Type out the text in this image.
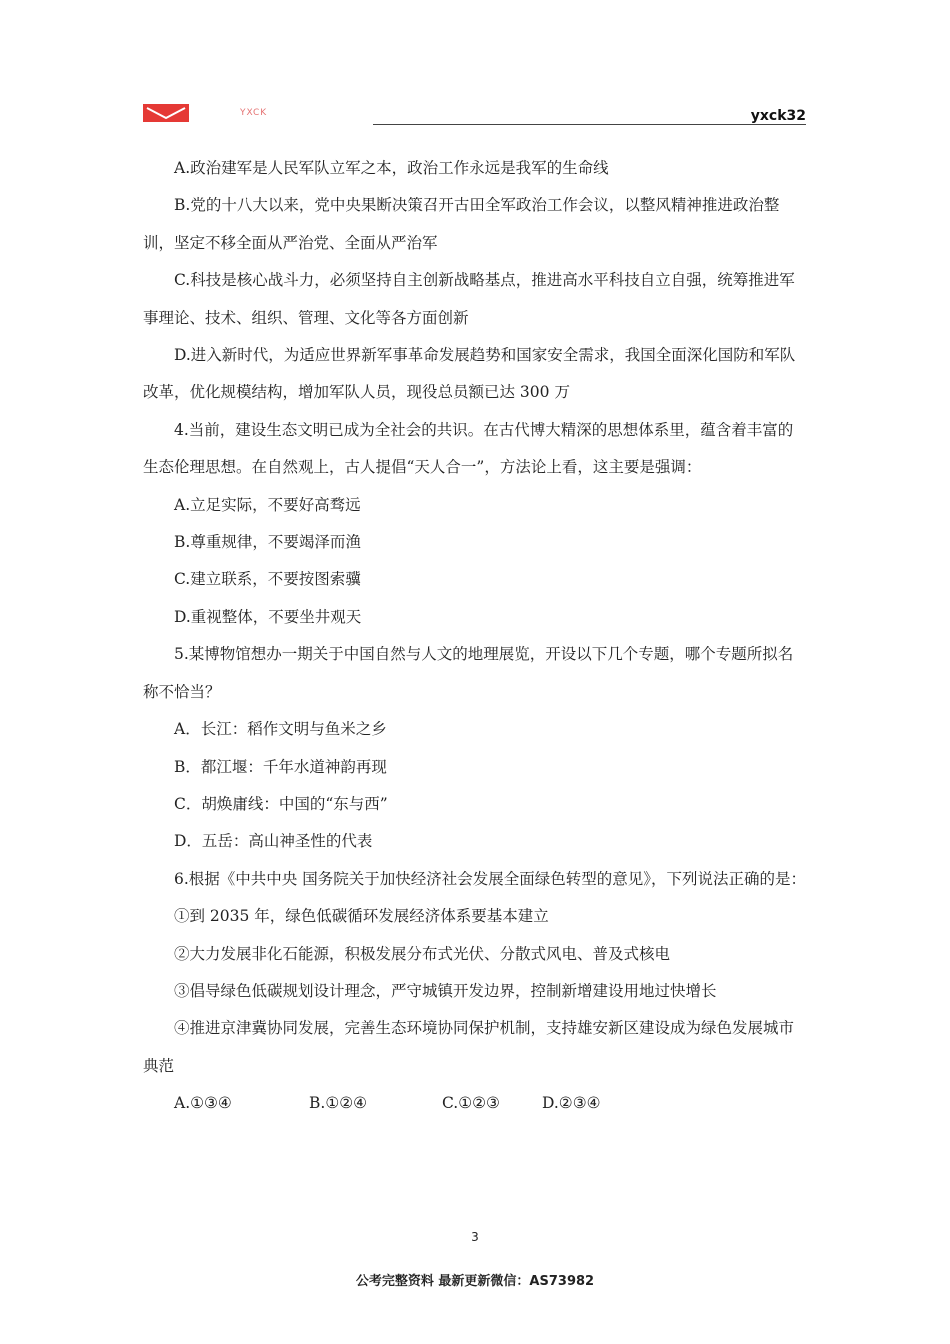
YXCK	yxck32

A.政治建军是人民军队立军之本，政治工作永远是我军的生命线

B.党的十八大以来，党中央果断决策召开古田全军政治工作会议，以整风精神推进政治整训，坚定不移全面从严治党、全面从严治军

C.科技是核心战斗力，必须坚持自主创新战略基点，推进高水平科技自立自强，统筹推进军事理论、技术、组织、管理、文化等各方面创新

D.进入新时代，为适应世界新军事革命发展趋势和国家安全需求，我国全面深化国防和军队改革，优化规模结构，增加军队人员，现役总员额已达 300 万

4.当前，建设生态文明已成为全社会的共识。在古代博大精深的思想体系里，蕴含着丰富的生态伦理思想。在自然观上，古人提倡“天人合一”，方法论上看，这主要是强调：

A.立足实际，不要好高骛远

B.尊重规律，不要竭泽而渔

C.建立联系，不要按图索骥

D.重视整体，不要坐井观天

5.某博物馆想办一期关于中国自然与人文的地理展览，开设以下几个专题，哪个专题所拟名称不恰当？

A．长江：稻作文明与鱼米之乡

B．都江堰：千年水道神韵再现

C．胡焕庸线：中国的“东与西”

D．五岳：高山神圣性的代表

6.根据《中共中央 国务院关于加快经济社会发展全面绿色转型的意见》，下列说法正确的是：

①到 2035 年，绿色低碳循环发展经济体系要基本建立

②大力发展非化石能源，积极发展分布式光伏、分散式风电、普及式核电

③倡导绿色低碳规划设计理念，严守城镇开发边界，控制新增建设用地过快增长

④推进京津冀协同发展，完善生态环境协同保护机制，支持雄安新区建设成为绿色发展城市典范

A.①③④	B.①②④	C.①②③	D.②③④
3
公考完整资料 最新更新微信：AS73982
